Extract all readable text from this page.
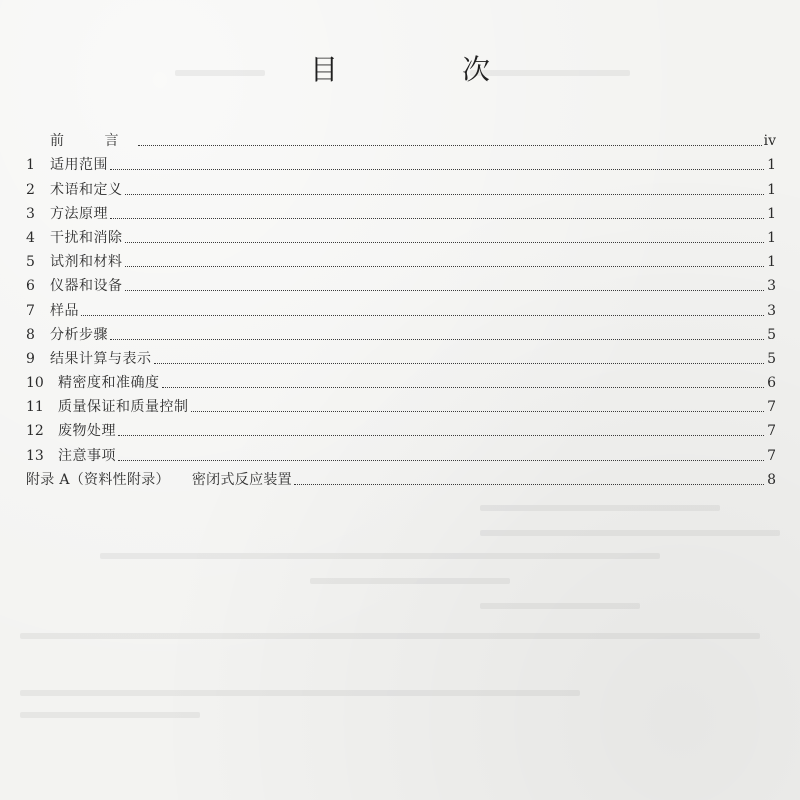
目　次
前 言	iv
1	适用范围	1
2	术语和定义	1
3	方法原理	1
4	干扰和消除	1
5	试剂和材料	1
6	仪器和设备	3
7	样品	3
8	分析步骤	5
9	结果计算与表示	5
10	精密度和准确度	6
11	质量保证和质量控制	7
12	废物处理	7
13	注意事项	7
附录 A（资料性附录） 密闭式反应装置	8
